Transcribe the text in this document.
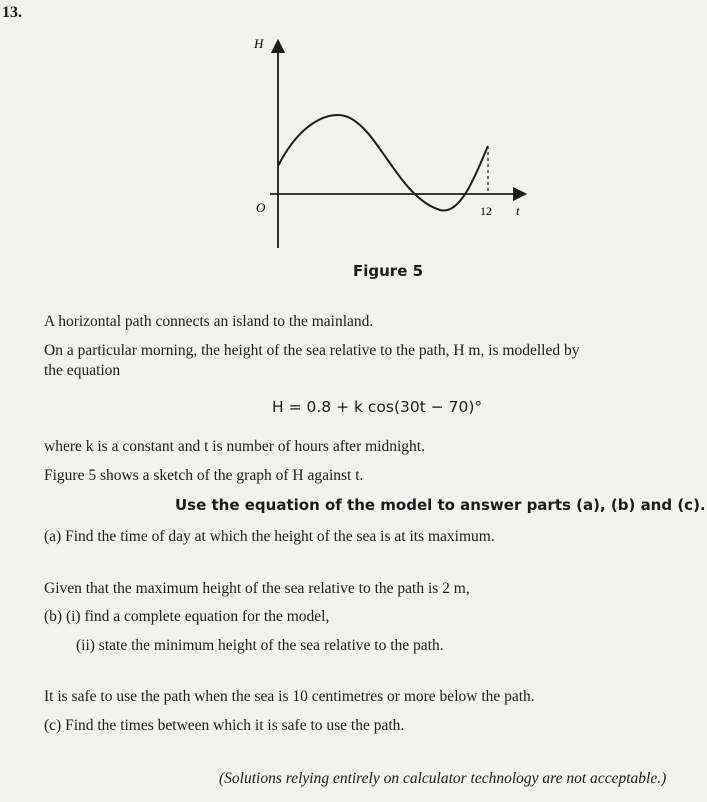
13.
H
O	12 t
Figure 5
A horizontal path connects an island to the mainland.
On a particular morning, the height of the sea relative to the path, H m, is modelled by
the equation
H = 0.8 + k cos(30t − 70)°
where k is a constant and t is number of hours after midnight.
Figure 5 shows a sketch of the graph of H against t.
Use the equation of the model to answer parts (a), (b) and (c).
(a) Find the time of day at which the height of the sea is at its maximum.
Given that the maximum height of the sea relative to the path is 2 m,
(b) (i) find a complete equation for the model,
(ii) state the minimum height of the sea relative to the path.
It is safe to use the path when the sea is 10 centimetres or more below the path.
(c) Find the times between which it is safe to use the path.
(Solutions relying entirely on calculator technology are not acceptable.)
